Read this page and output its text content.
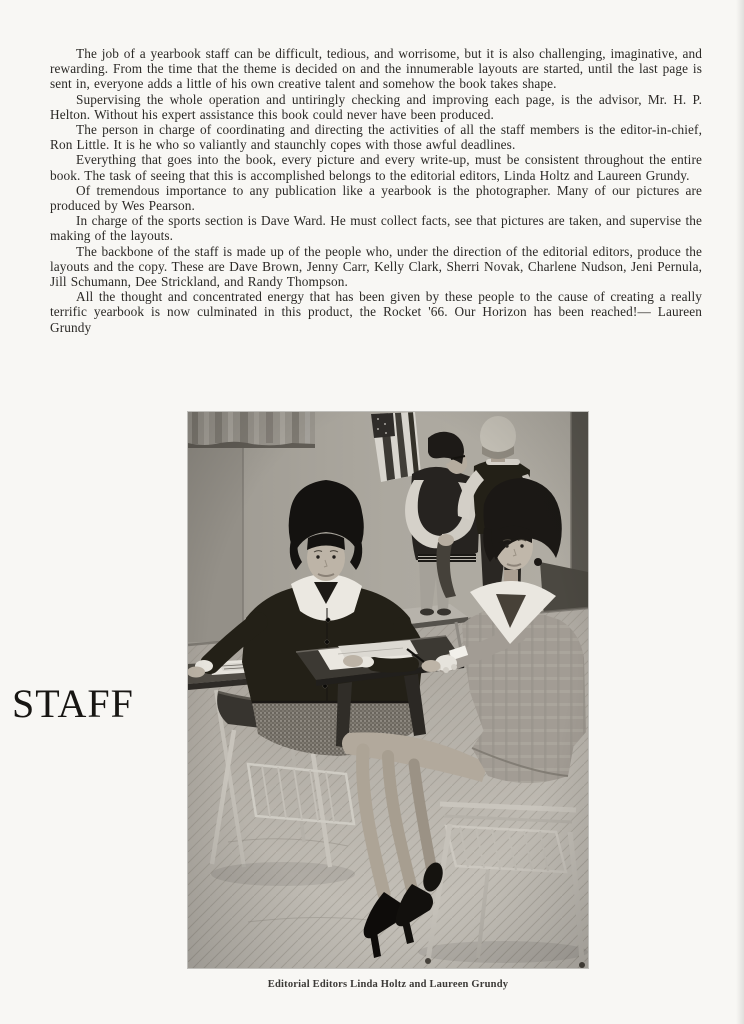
The job of a yearbook staff can be difficult, tedious, and worrisome, but it is also challenging, imaginative, and rewarding. From the time that the theme is decided on and the innumerable layouts are started, until the last page is sent in, everyone adds a little of his own creative talent and somehow the book takes shape.

Supervising the whole operation and untiringly checking and improving each page, is the advisor, Mr. H. P. Helton. Without his expert assistance this book could never have been produced.

The person in charge of coordinating and directing the activities of all the staff members is the editor-in-chief, Ron Little. It is he who so valiantly and staunchly copes with those awful deadlines.

Everything that goes into the book, every picture and every write-up, must be consistent throughout the entire book. The task of seeing that this is accomplished belongs to the editorial editors, Linda Holtz and Laureen Grundy.

Of tremendous importance to any publication like a yearbook is the photographer. Many of our pictures are produced by Wes Pearson.

In charge of the sports section is Dave Ward. He must collect facts, see that pictures are taken, and supervise the making of the layouts.

The backbone of the staff is made up of the people who, under the direction of the editorial editors, produce the layouts and the copy. These are Dave Brown, Jenny Carr, Kelly Clark, Sherri Novak, Charlene Nudson, Jeni Pernula, Jill Schumann, Dee Strickland, and Randy Thompson.

All the thought and concentrated energy that has been given by these people to the cause of creating a really terrific yearbook is now culminated in this product, the Rocket '66. Our Horizon has been reached!— Laureen Grundy

STAFF
Editorial Editors Linda Holtz and Laureen Grundy
